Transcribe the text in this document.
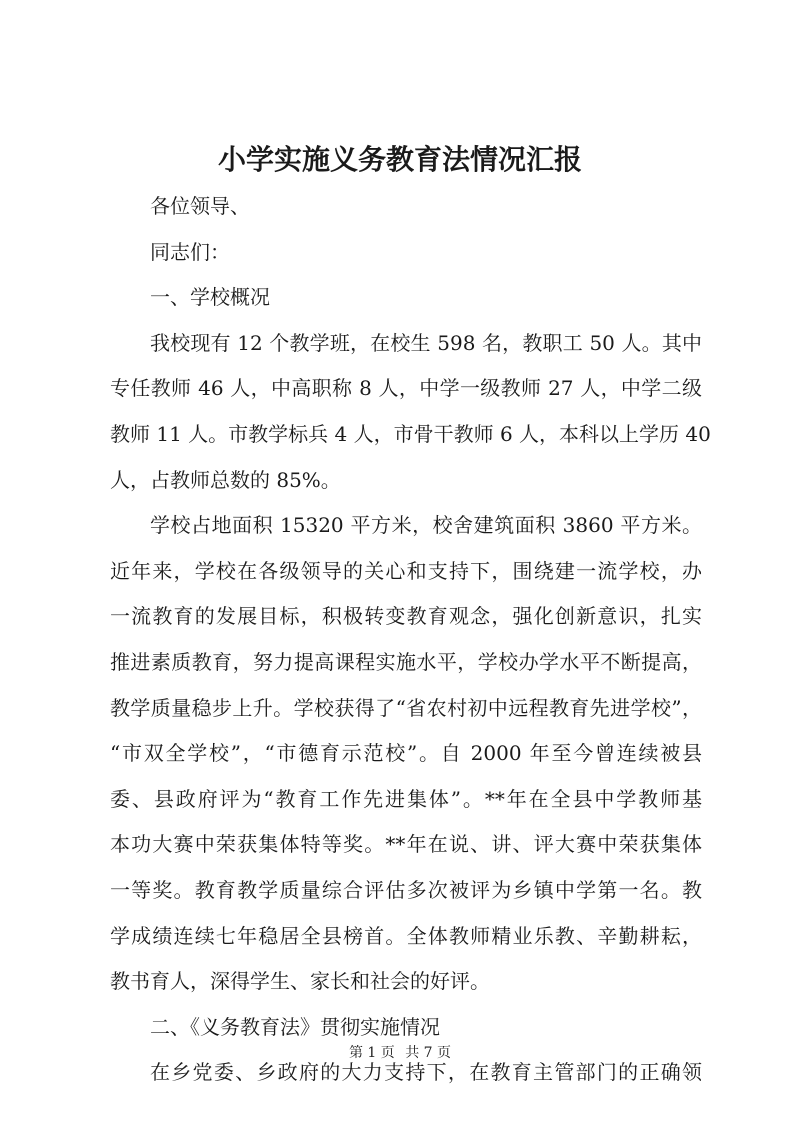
小学实施义务教育法情况汇报
各位领导、
同志们：
一、学校概况
我校现有 12 个教学班，在校生 598 名，教职工 50 人。其中
专任教师 46 人，中高职称 8 人，中学一级教师 27 人，中学二级
教师 11 人。市教学标兵 4 人，市骨干教师 6 人，本科以上学历 40
人，占教师总数的 85%。
学校占地面积 15320 平方米，校舍建筑面积 3860 平方米。
近年来，学校在各级领导的关心和支持下，围绕建一流学校，办
一流教育的发展目标，积极转变教育观念，强化创新意识，扎实
推进素质教育，努力提高课程实施水平，学校办学水平不断提高，
教学质量稳步上升。学校获得了“省农村初中远程教育先进学校”，
“市双全学校”，“市德育示范校”。自 2000 年至今曾连续被县
委、县政府评为“教育工作先进集体”。**年在全县中学教师基
本功大赛中荣获集体特等奖。**年在说、讲、评大赛中荣获集体
一等奖。教育教学质量综合评估多次被评为乡镇中学第一名。教
学成绩连续七年稳居全县榜首。全体教师精业乐教、辛勤耕耘，
教书育人，深得学生、家长和社会的好评。
二、《义务教育法》贯彻实施情况
在乡党委、乡政府的大力支持下，在教育主管部门的正确领
第 1 页 共 7 页
